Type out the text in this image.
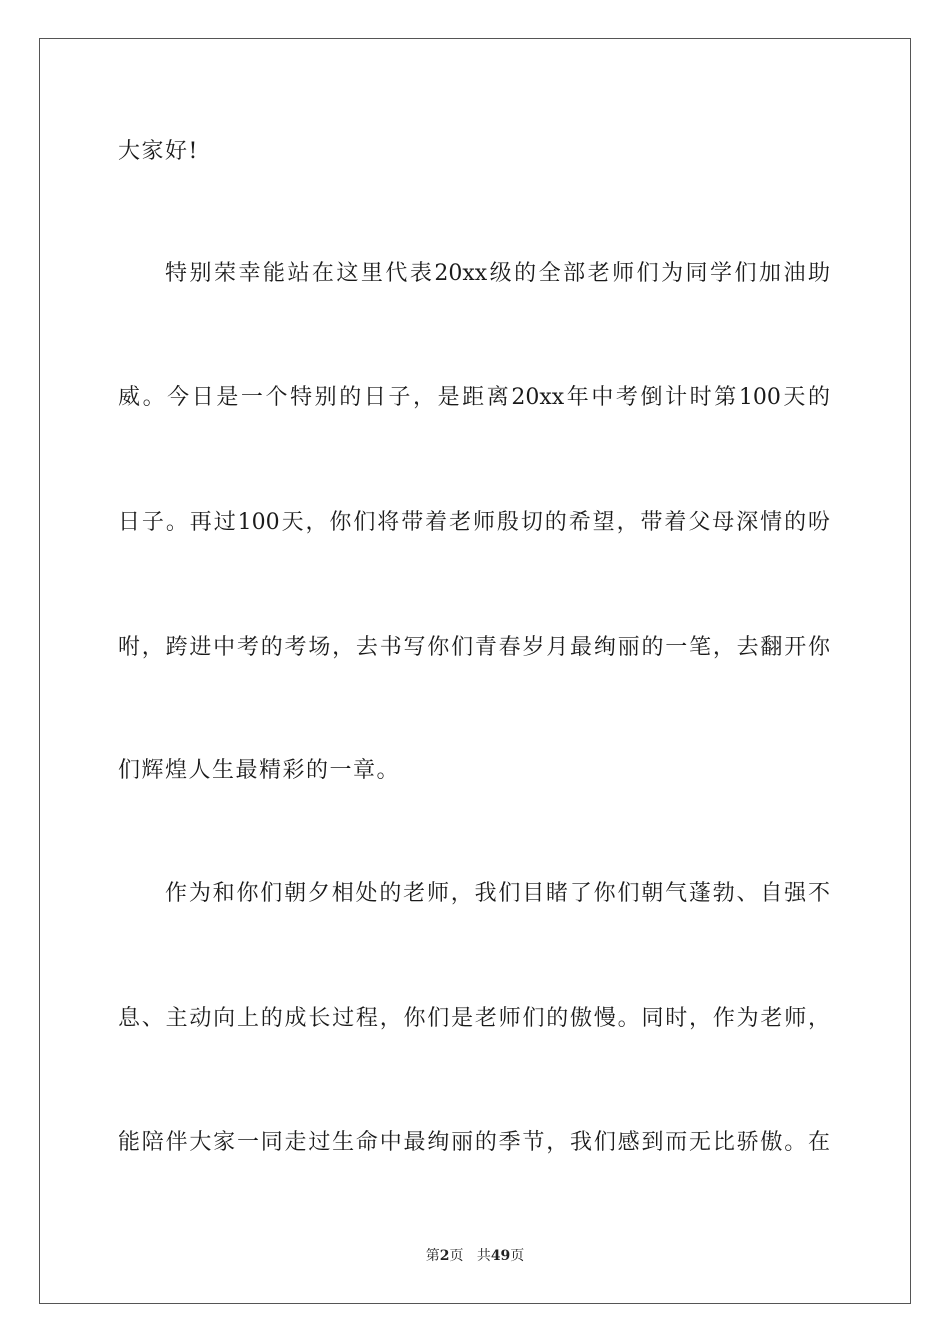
大家好!
特别荣幸能站在这里代表20xx级的全部老师们为同学们加油助
威。今日是一个特别的日子，是距离20xx年中考倒计时第100天的
日子。再过100天，你们将带着老师殷切的希望，带着父母深情的吩
咐，跨进中考的考场，去书写你们青春岁月最绚丽的一笔，去翻开你
们辉煌人生最精彩的一章。
作为和你们朝夕相处的老师，我们目睹了你们朝气蓬勃、自强不
息、主动向上的成长过程，你们是老师们的傲慢。同时，作为老师，
能陪伴大家一同走过生命中最绚丽的季节，我们感到而无比骄傲。在
第2页 共49页
